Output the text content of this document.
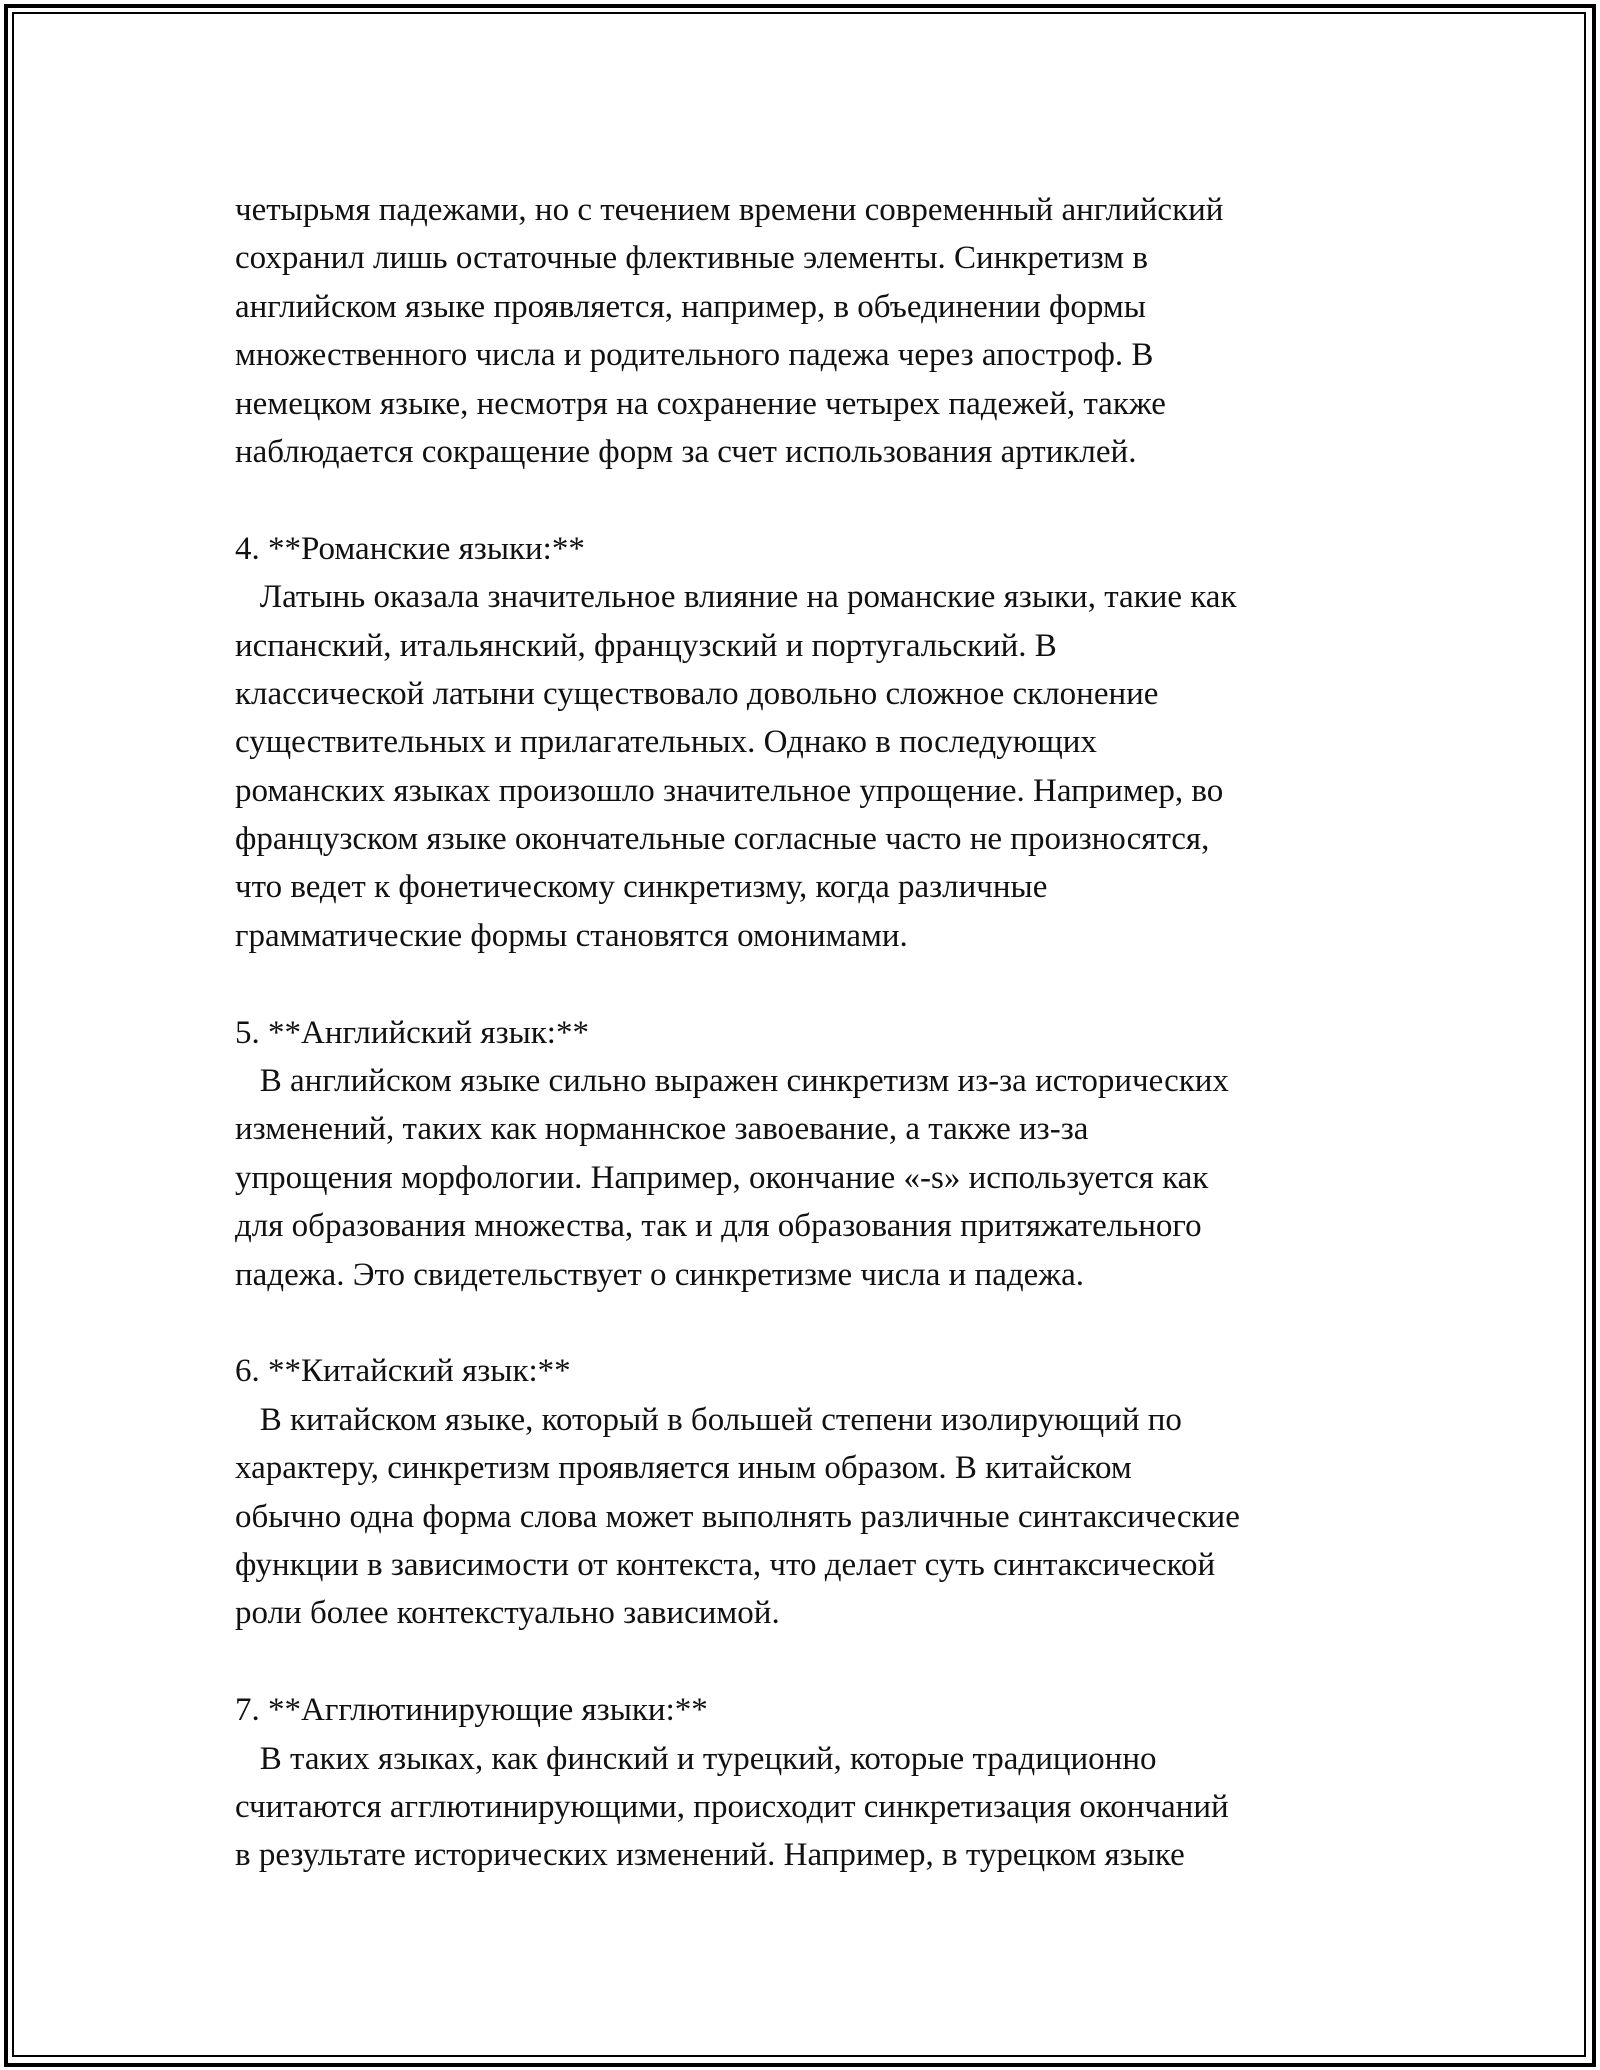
четырьмя падежами, но с течением времени современный английский
сохранил лишь остаточные флективные элементы. Синкретизм в
английском языке проявляется, например, в объединении формы
множественного числа и родительного падежа через апостроф. В
немецком языке, несмотря на сохранение четырех падежей, также
наблюдается сокращение форм за счет использования артиклей.
4. **Романские языки:**
Латынь оказала значительное влияние на романские языки, такие как
испанский, итальянский, французский и португальский. В
классической латыни существовало довольно сложное склонение
существительных и прилагательных. Однако в последующих
романских языках произошло значительное упрощение. Например, во
французском языке окончательные согласные часто не произносятся,
что ведет к фонетическому синкретизму, когда различные
грамматические формы становятся омонимами.
5. **Английский язык:**
В английском языке сильно выражен синкретизм из-за исторических
изменений, таких как норманнское завоевание, а также из-за
упрощения морфологии. Например, окончание «-s» используется как
для образования множества, так и для образования притяжательного
падежа. Это свидетельствует о синкретизме числа и падежа.
6. **Китайский язык:**
В китайском языке, который в большей степени изолирующий по
характеру, синкретизм проявляется иным образом. В китайском
обычно одна форма слова может выполнять различные синтаксические
функции в зависимости от контекста, что делает суть синтаксической
роли более контекстуально зависимой.
7. **Агглютинирующие языки:**
В таких языках, как финский и турецкий, которые традиционно
считаются агглютинирующими, происходит синкретизация окончаний
в результате исторических изменений. Например, в турецком языке
